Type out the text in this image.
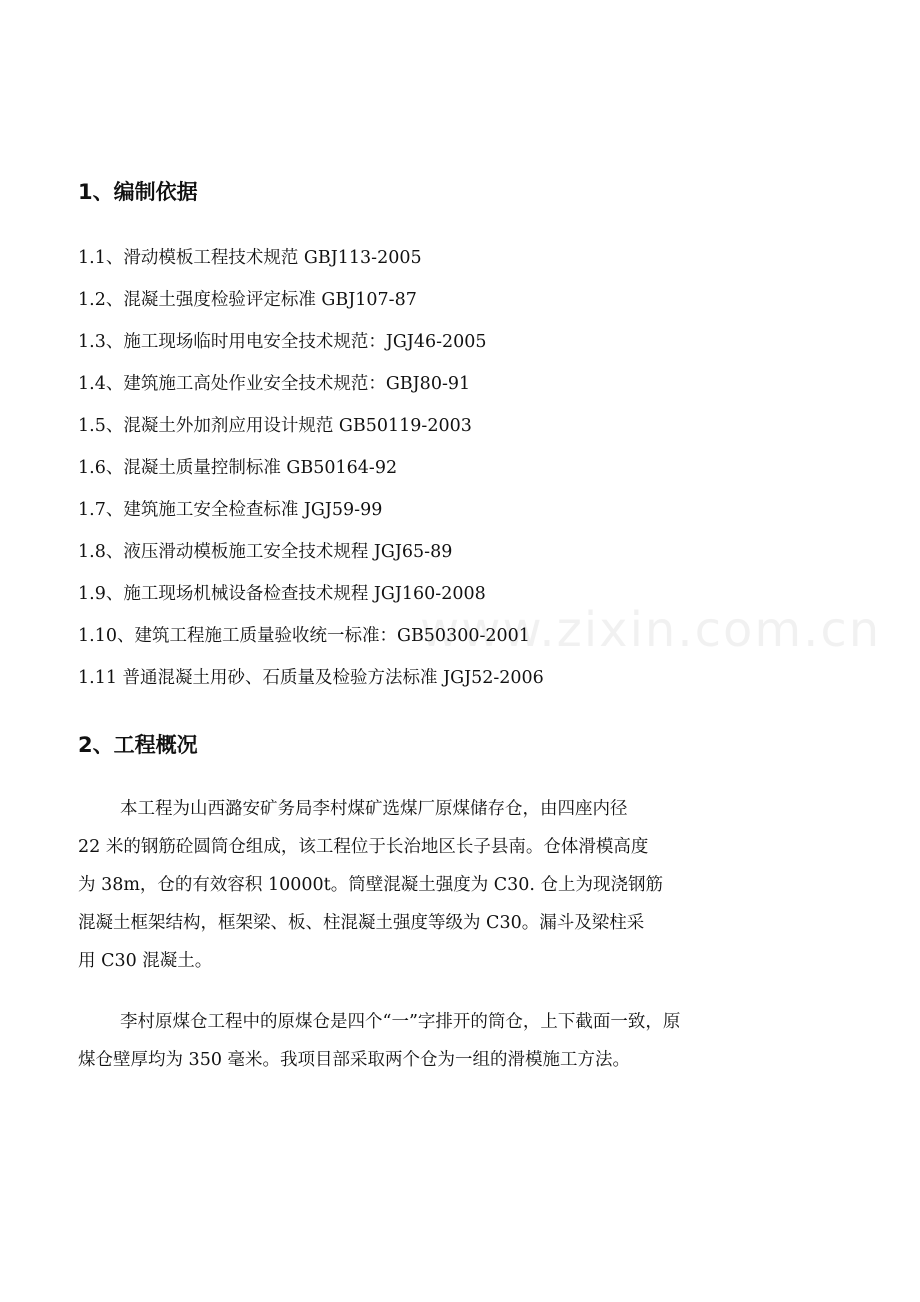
1、编制依据
1.1、滑动模板工程技术规范 GBJ113-2005
1.2、混凝土强度检验评定标准 GBJ107-87
1.3、施工现场临时用电安全技术规范：JGJ46-2005
1.4、建筑施工高处作业安全技术规范：GBJ80-91
1.5、混凝土外加剂应用设计规范 GB50119-2003
1.6、混凝土质量控制标准 GB50164-92
1.7、建筑施工安全检查标准 JGJ59-99
1.8、液压滑动模板施工安全技术规程 JGJ65-89
1.9、施工现场机械设备检查技术规程 JGJ160-2008
1.10、建筑工程施工质量验收统一标准：GB50300-2001
1.11 普通混凝土用砂、石质量及检验方法标准 JGJ52-2006
www.zixin.com.cn
2、工程概况

本工程为山西潞安矿务局李村煤矿选煤厂原煤储存仓，由四座内径
22 米的钢筋砼圆筒仓组成，该工程位于长治地区长子县南。仓体滑模高度
为 38m，仓的有效容积 10000t。筒壁混凝土强度为 C30. 仓上为现浇钢筋
混凝土框架结构，框架梁、板、柱混凝土强度等级为 C30。漏斗及梁柱采
用 C30 混凝土。

李村原煤仓工程中的原煤仓是四个“一”字排开的筒仓，上下截面一致，原
煤仓壁厚均为 350 毫米。我项目部采取两个仓为一组的滑模施工方法。
